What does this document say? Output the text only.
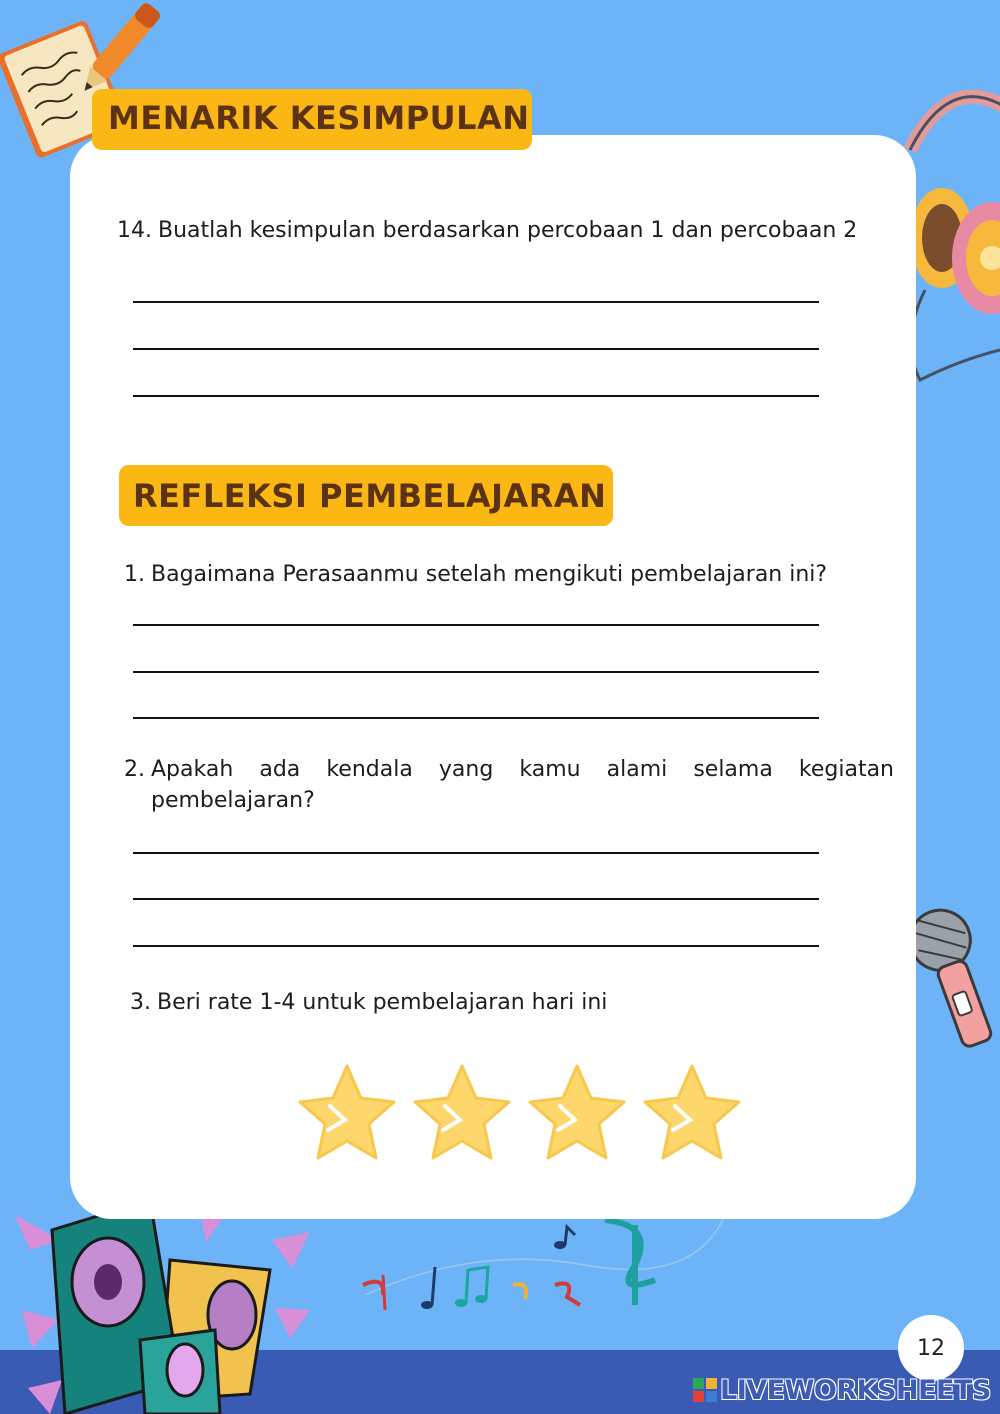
MENARIK KESIMPULAN
14. Buatlah kesimpulan berdasarkan percobaan 1 dan percobaan 2
REFLEKSI PEMBELAJARAN
1. Bagaimana Perasaanmu setelah mengikuti pembelajaran ini?
2. Apakah ada kendala yang kamu alami selama kegiatan pembelajaran?
3. Beri rate 1-4 untuk pembelajaran hari ini
12
LIVEWORKSHEETS
